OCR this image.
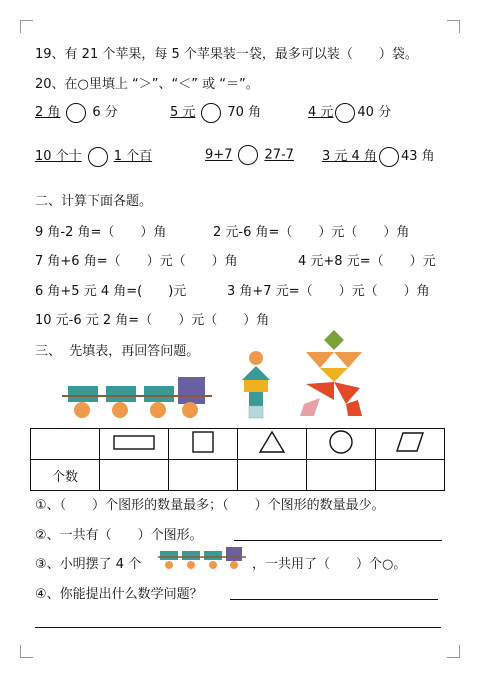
19、有 21 个苹果，每 5 个苹果装一袋，最多可以装（　　）袋。
20、在○里填上 “＞”、“＜” 或 “＝”。
2 角 6 分	5 元 70 角	4 元 40 分
10 个十 1 个百	9+7 27-7 3 元 4 角 43 角
二、计算下面各题。
9 角-2 角=（　　）角	2 元-6 角=（　　）元（　　）角
7 角+6 角=（　　）元（　　）角	4 元+8 元=（　　）元
6 角+5 元 4 角=(　　)元	3 角+7 元=（　　）元（　　）角
10 元-6 元 2 角=（　　）元（　　）角
三、 先填表，再回答问题。

个数					
①、（　　）个图形的数量最多；（　　）个图形的数量最少。
②、一共有（　　）个图形。
③、小明摆了 4 个	，一共用了（　　）个○。
④、你能提出什么数学问题？
